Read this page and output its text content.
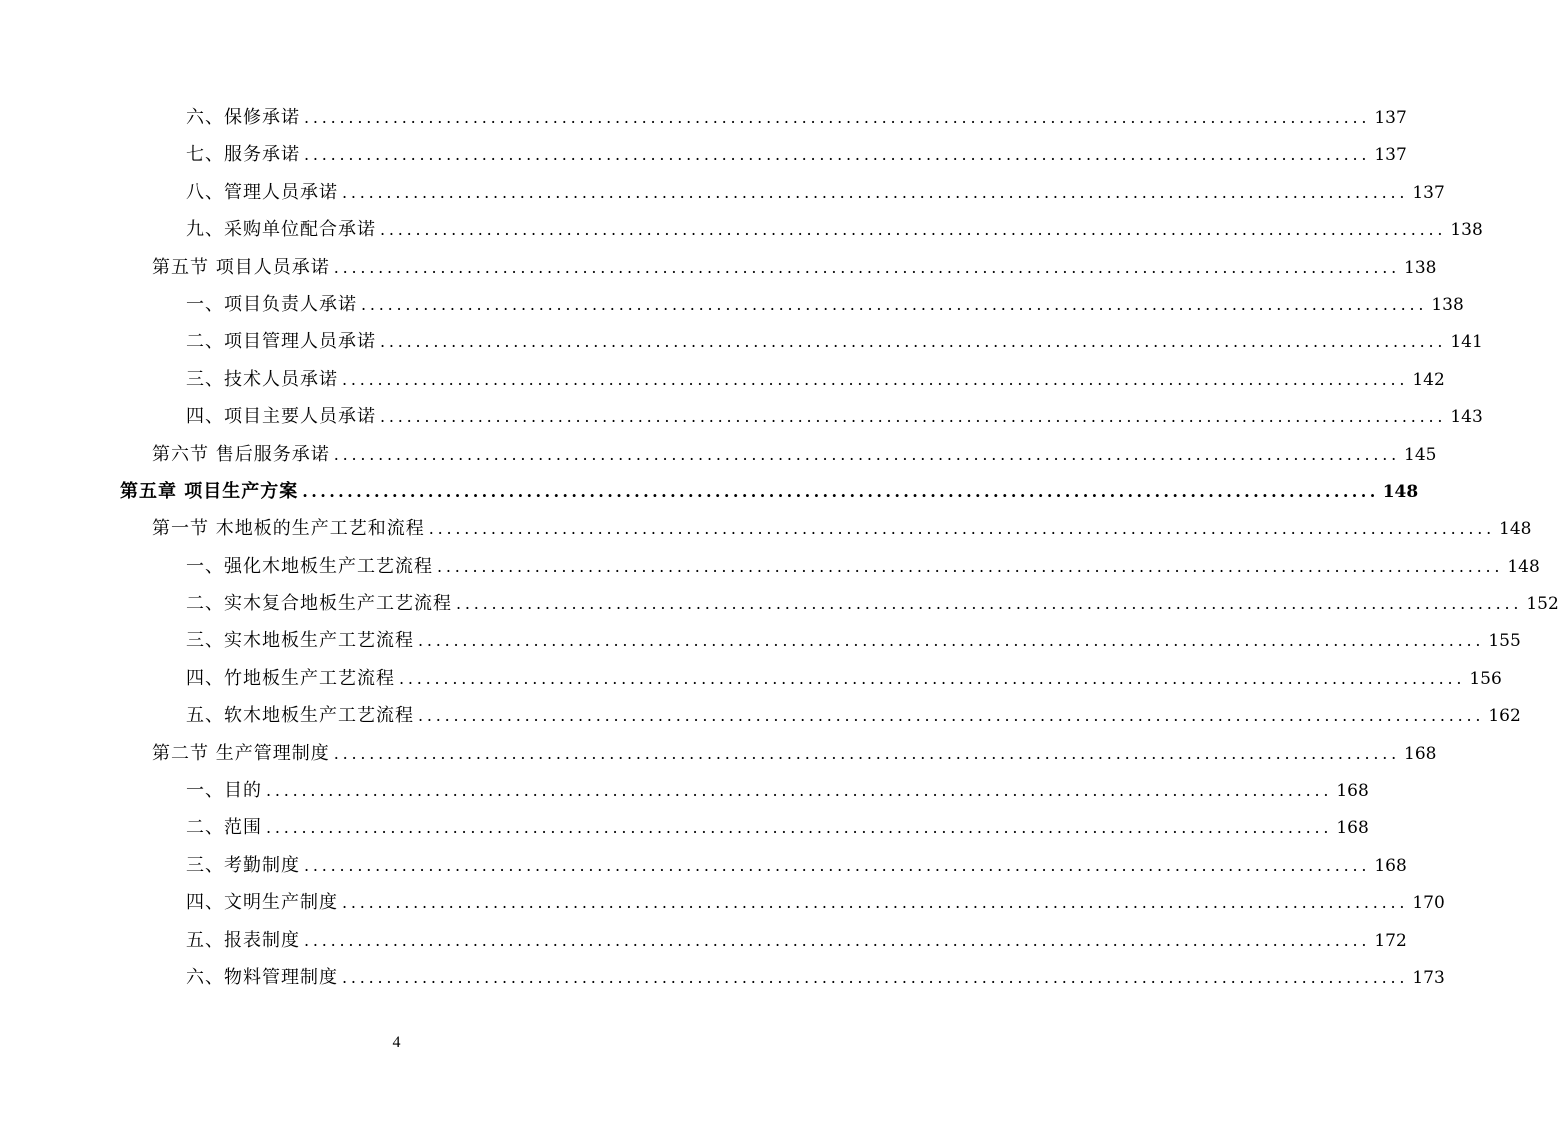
六、保修承诺 ........................................................................................................................ 137
七、服务承诺 ........................................................................................................................ 137
八、管理人员承诺 ........................................................................................................................ 137
九、采购单位配合承诺 ........................................................................................................................ 138
第五节 项目人员承诺 ........................................................................................................................ 138
一、项目负责人承诺 ........................................................................................................................ 138
二、项目管理人员承诺 ........................................................................................................................ 141
三、技术人员承诺 ........................................................................................................................ 142
四、项目主要人员承诺 ........................................................................................................................ 143
第六节 售后服务承诺 ........................................................................................................................ 145
第五章 项目生产方案 ........................................................................................................................ 148
第一节 木地板的生产工艺和流程 ........................................................................................................................ 148
一、强化木地板生产工艺流程 ........................................................................................................................ 148
二、实木复合地板生产工艺流程 ........................................................................................................................ 152
三、实木地板生产工艺流程 ........................................................................................................................ 155
四、竹地板生产工艺流程 ........................................................................................................................ 156
五、软木地板生产工艺流程 ........................................................................................................................ 162
第二节 生产管理制度 ........................................................................................................................ 168
一、目的 ........................................................................................................................ 168
二、范围 ........................................................................................................................ 168
三、考勤制度 ........................................................................................................................ 168
四、文明生产制度 ........................................................................................................................ 170
五、报表制度 ........................................................................................................................ 172
六、物料管理制度 ........................................................................................................................ 173
4
